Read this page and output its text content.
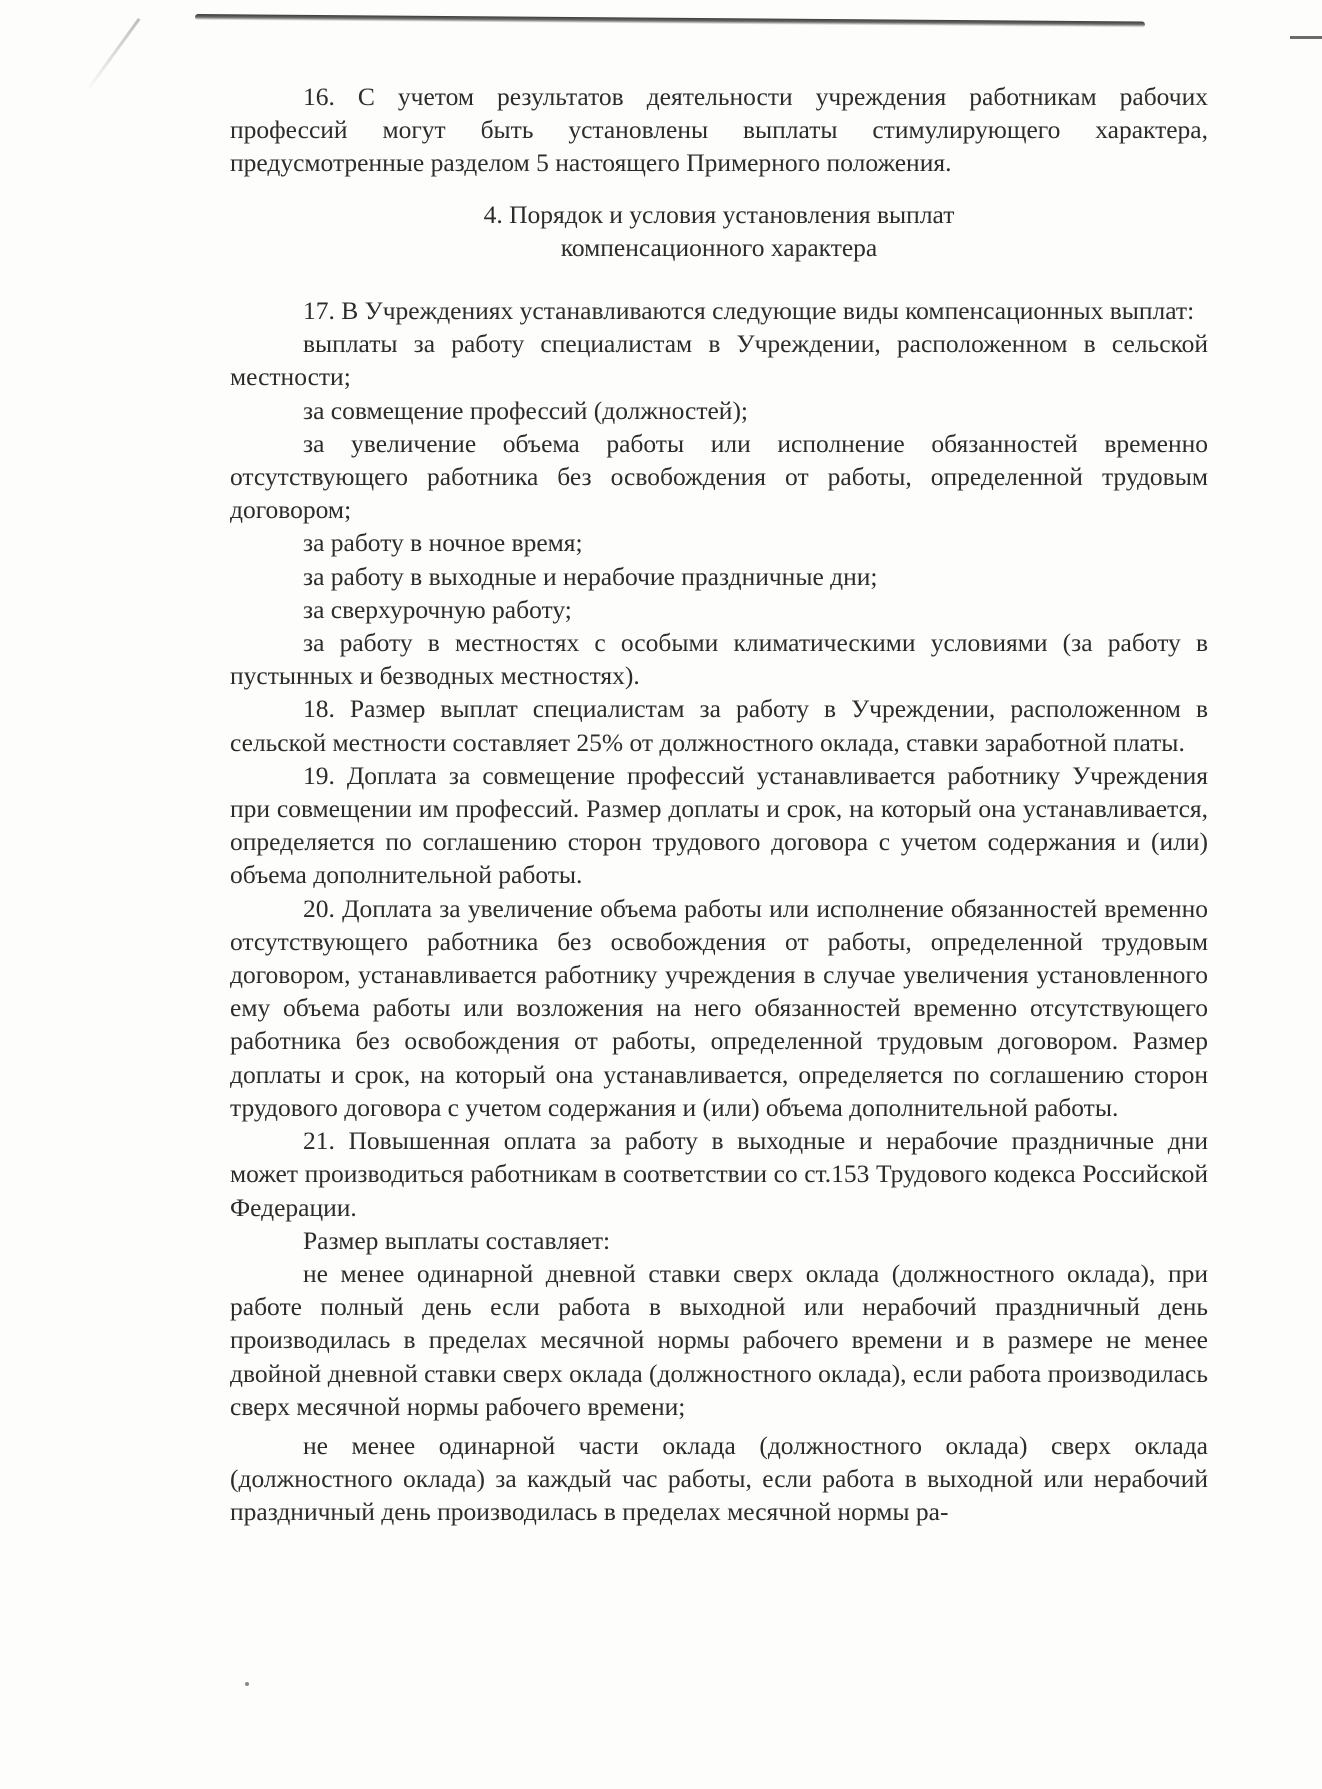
16. С учетом результатов деятельности учреждения работникам рабочих профессий могут быть установлены выплаты стимулирующего характера, предусмотренные разделом 5 настоящего Примерного положения.

4. Порядок и условия установления выплат

компенсационного характера

17. В Учреждениях устанавливаются следующие виды компенсационных выплат:

выплаты за работу специалистам в Учреждении, расположенном в сельской местности;

за совмещение профессий (должностей);

за увеличение объема работы или исполнение обязанностей временно отсутствующего работника без освобождения от работы, определенной трудовым договором;

за работу в ночное время;

за работу в выходные и нерабочие праздничные дни;

за сверхурочную работу;

за работу в местностях с особыми климатическими условиями (за работу в пустынных и безводных местностях).

18. Размер выплат специалистам за работу в Учреждении, расположенном в сельской местности составляет 25% от должностного оклада, ставки заработной платы.

19. Доплата за совмещение профессий устанавливается работнику Учреждения при совмещении им профессий. Размер доплаты и срок, на который она устанавливается, определяется по соглашению сторон трудового договора с учетом содержания и (или) объема дополнительной работы.

20. Доплата за увеличение объема работы или исполнение обязанностей временно отсутствующего работника без освобождения от работы, определенной трудовым договором, устанавливается работнику учреждения в случае увеличения установленного ему объема работы или возложения на него обязанностей временно отсутствующего работника без освобождения от работы, определенной трудовым договором. Размер доплаты и срок, на который она устанавливается, определяется по соглашению сторон трудового договора с учетом содержания и (или) объема дополнительной работы.

21. Повышенная оплата за работу в выходные и нерабочие праздничные дни может производиться работникам в соответствии со ст.153 Трудового кодекса Российской Федерации.

Размер выплаты составляет:

не менее одинарной дневной ставки сверх оклада (должностного оклада), при работе полный день если работа в выходной или нерабочий праздничный день производилась в пределах месячной нормы рабочего времени и в размере не менее двойной дневной ставки сверх оклада (должностного оклада), если работа производилась сверх месячной нормы рабочего времени;

не менее одинарной части оклада (должностного оклада) сверх оклада (должностного оклада) за каждый час работы, если работа в выходной или нерабочий праздничный день производилась в пределах месячной нормы ра-
